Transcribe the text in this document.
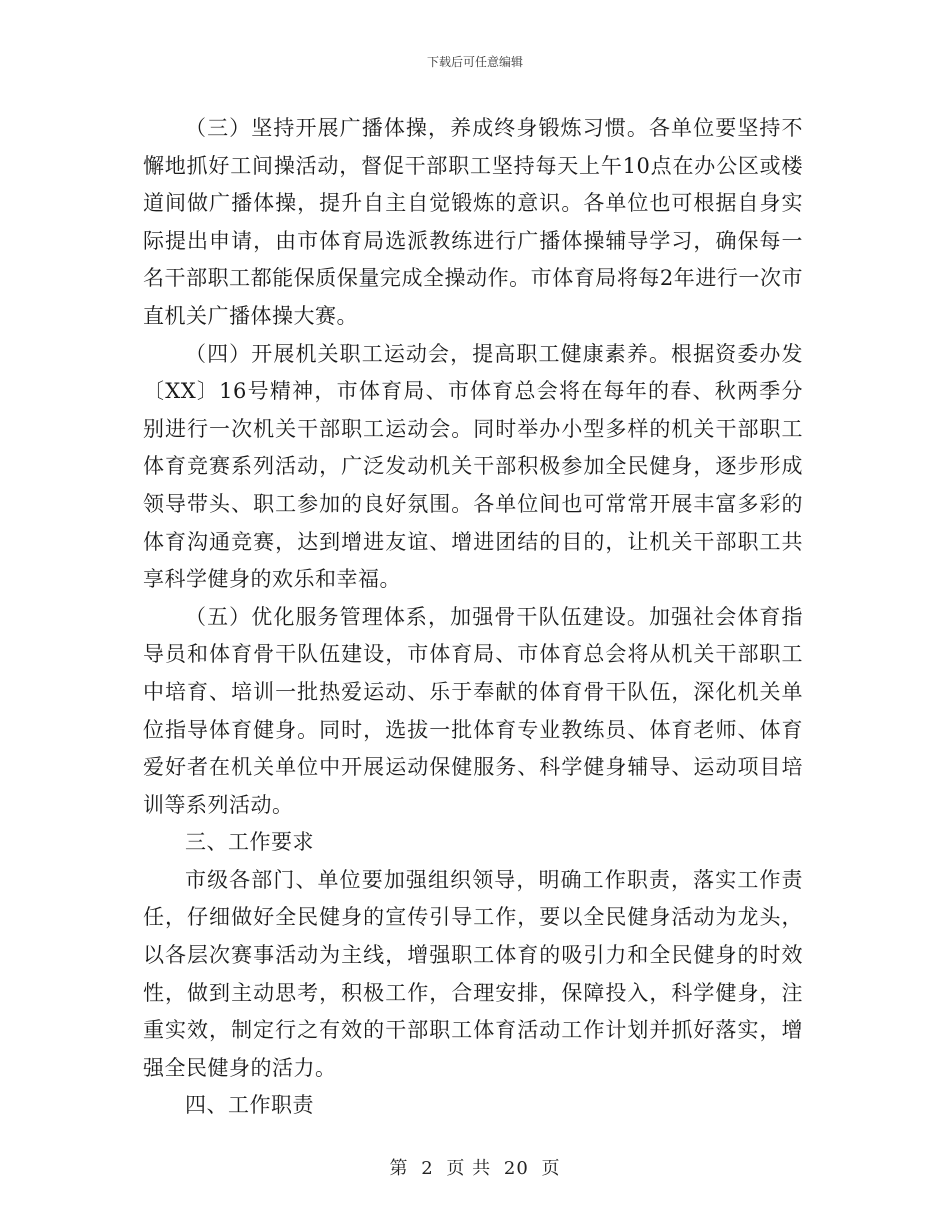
下载后可任意编辑

（三）坚持开展广播体操，养成终身锻炼习惯。各单位要坚持不懈地抓好工间操活动，督促干部职工坚持每天上午10点在办公区或楼道间做广播体操，提升自主自觉锻炼的意识。各单位也可根据自身实际提出申请，由市体育局选派教练进行广播体操辅导学习，确保每一名干部职工都能保质保量完成全操动作。市体育局将每2年进行一次市直机关广播体操大赛。

（四）开展机关职工运动会，提高职工健康素养。根据资委办发〔XX〕16号精神，市体育局、市体育总会将在每年的春、秋两季分别进行一次机关干部职工运动会。同时举办小型多样的机关干部职工体育竞赛系列活动，广泛发动机关干部积极参加全民健身，逐步形成领导带头、职工参加的良好氛围。各单位间也可常常开展丰富多彩的体育沟通竞赛，达到增进友谊、增进团结的目的，让机关干部职工共享科学健身的欢乐和幸福。

（五）优化服务管理体系，加强骨干队伍建设。加强社会体育指导员和体育骨干队伍建设，市体育局、市体育总会将从机关干部职工中培育、培训一批热爱运动、乐于奉献的体育骨干队伍，深化机关单位指导体育健身。同时，选拔一批体育专业教练员、体育老师、体育爱好者在机关单位中开展运动保健服务、科学健身辅导、运动项目培训等系列活动。

三、工作要求

市级各部门、单位要加强组织领导，明确工作职责，落实工作责任，仔细做好全民健身的宣传引导工作，要以全民健身活动为龙头，以各层次赛事活动为主线，增强职工体育的吸引力和全民健身的时效性，做到主动思考，积极工作，合理安排，保障投入，科学健身，注重实效，制定行之有效的干部职工体育活动工作计划并抓好落实，增强全民健身的活力。

四、工作职责

第 2 页 共 20 页
